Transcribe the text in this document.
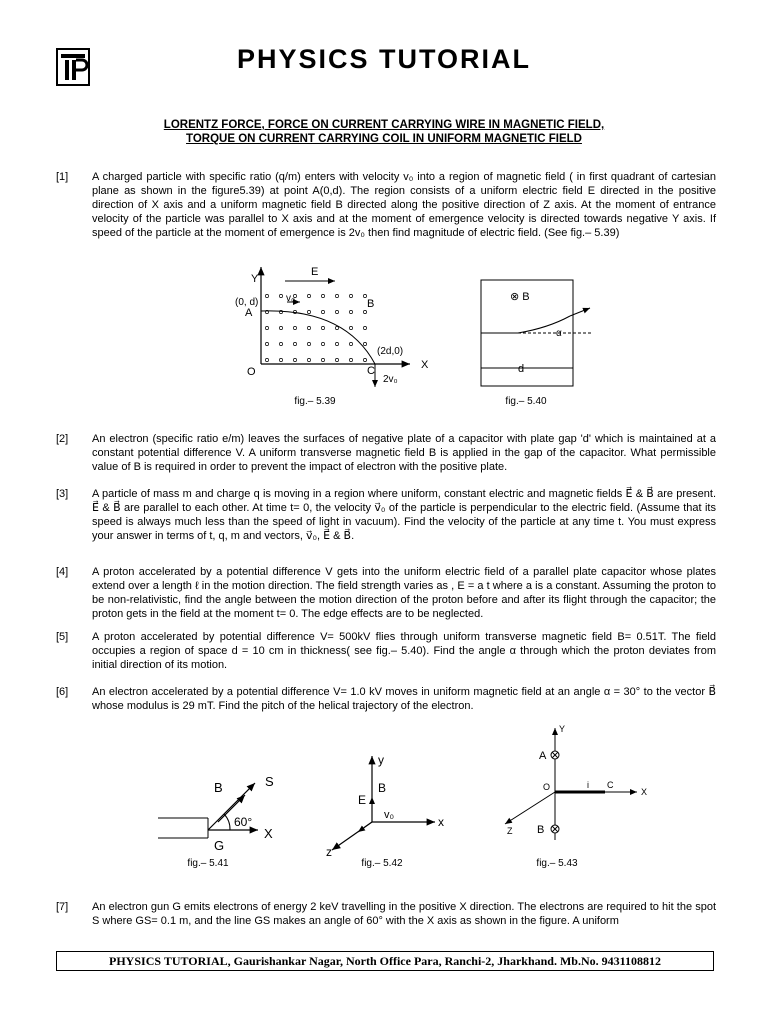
PHYSICS TUTORIAL
LORENTZ FORCE, FORCE ON CURRENT CARRYING WIRE IN MAGNETIC FIELD,
TORQUE ON CURRENT CARRYING COIL IN UNIFORM MAGNETIC FIELD
[1] A charged particle with specific ratio (q/m) enters with velocity v₀ into a region of magnetic field ( in first quadrant of cartesian plane as shown in the figure5.39) at point A(0,d). The region consists of a uniform electric field E directed in the positive direction of X axis and a uniform magnetic field B directed along the positive direction of Z axis. At the moment of entrance velocity of the particle was parallel to X axis and at the moment of emergence velocity is directed towards negative Y axis. If speed of the particle at the moment of emergence is 2v₀ then find magnitude of electric field. (See fig.– 5.39)
Y
X
E
B
v₀
(0, d)
A
O	C
(2d,0)
2v₀
fig.– 5.39
⊗ B
α
d
fig.– 5.40
[2] An electron (specific ratio e/m) leaves the surfaces of negative plate of a capacitor with plate gap 'd' which is maintained at a constant potential difference V. A uniform transverse magnetic field B is applied in the gap of the capacitor. What permissible value of B is required in order to prevent the impact of electron with the positive plate.
[3] A particle of mass m and charge q is moving in a region where uniform, constant electric and magnetic fields E⃗ & B⃗ are present. E⃗ & B⃗ are parallel to each other. At time t= 0, the velocity v⃗₀ of the particle is perpendicular to the electric field. (Assume that its speed is always much less than the speed of light in vacuum). Find the velocity of the particle at any time t. You must express your answer in terms of t, q, m and vectors, v⃗₀, E⃗ & B⃗.
[4] A proton accelerated by a potential difference V gets into the uniform electric field of a parallel plate capacitor whose plates extend over a length ℓ in the motion direction. The field strength varies as , E = a t where a is a constant. Assuming the proton to be non-relativistic, find the angle between the motion direction of the proton before and after its flight through the capacitor; the proton gets in the field at the moment t= 0. The edge effects are to be neglected.
[5] A proton accelerated by potential difference V= 500kV flies through uniform transverse magnetic field B= 0.51T. The field occupies a region of space d = 10 cm in thickness( see fig.– 5.40). Find the angle α through which the proton deviates from initial direction of its motion.
[6] An electron accelerated by a potential difference V= 1.0 kV moves in uniform magnetic field at an angle α = 30° to the vector B⃗ whose modulus is 29 mT. Find the pitch of the helical trajectory of the electron.
B	S
60°
X
G
fig.– 5.41
y
B
E
v₀	x
z
fig.– 5.42
Y
A
O	i C
X
B
Z
fig.– 5.43
[7] An electron gun G emits electrons of energy 2 keV travelling in the positive X direction. The electrons are required to hit the spot S where GS= 0.1 m, and the line GS makes an angle of 60° with the X axis as shown in the figure. A uniform
PHYSICS TUTORIAL, Gaurishankar Nagar, North Office Para, Ranchi-2, Jharkhand. Mb.No. 9431108812
